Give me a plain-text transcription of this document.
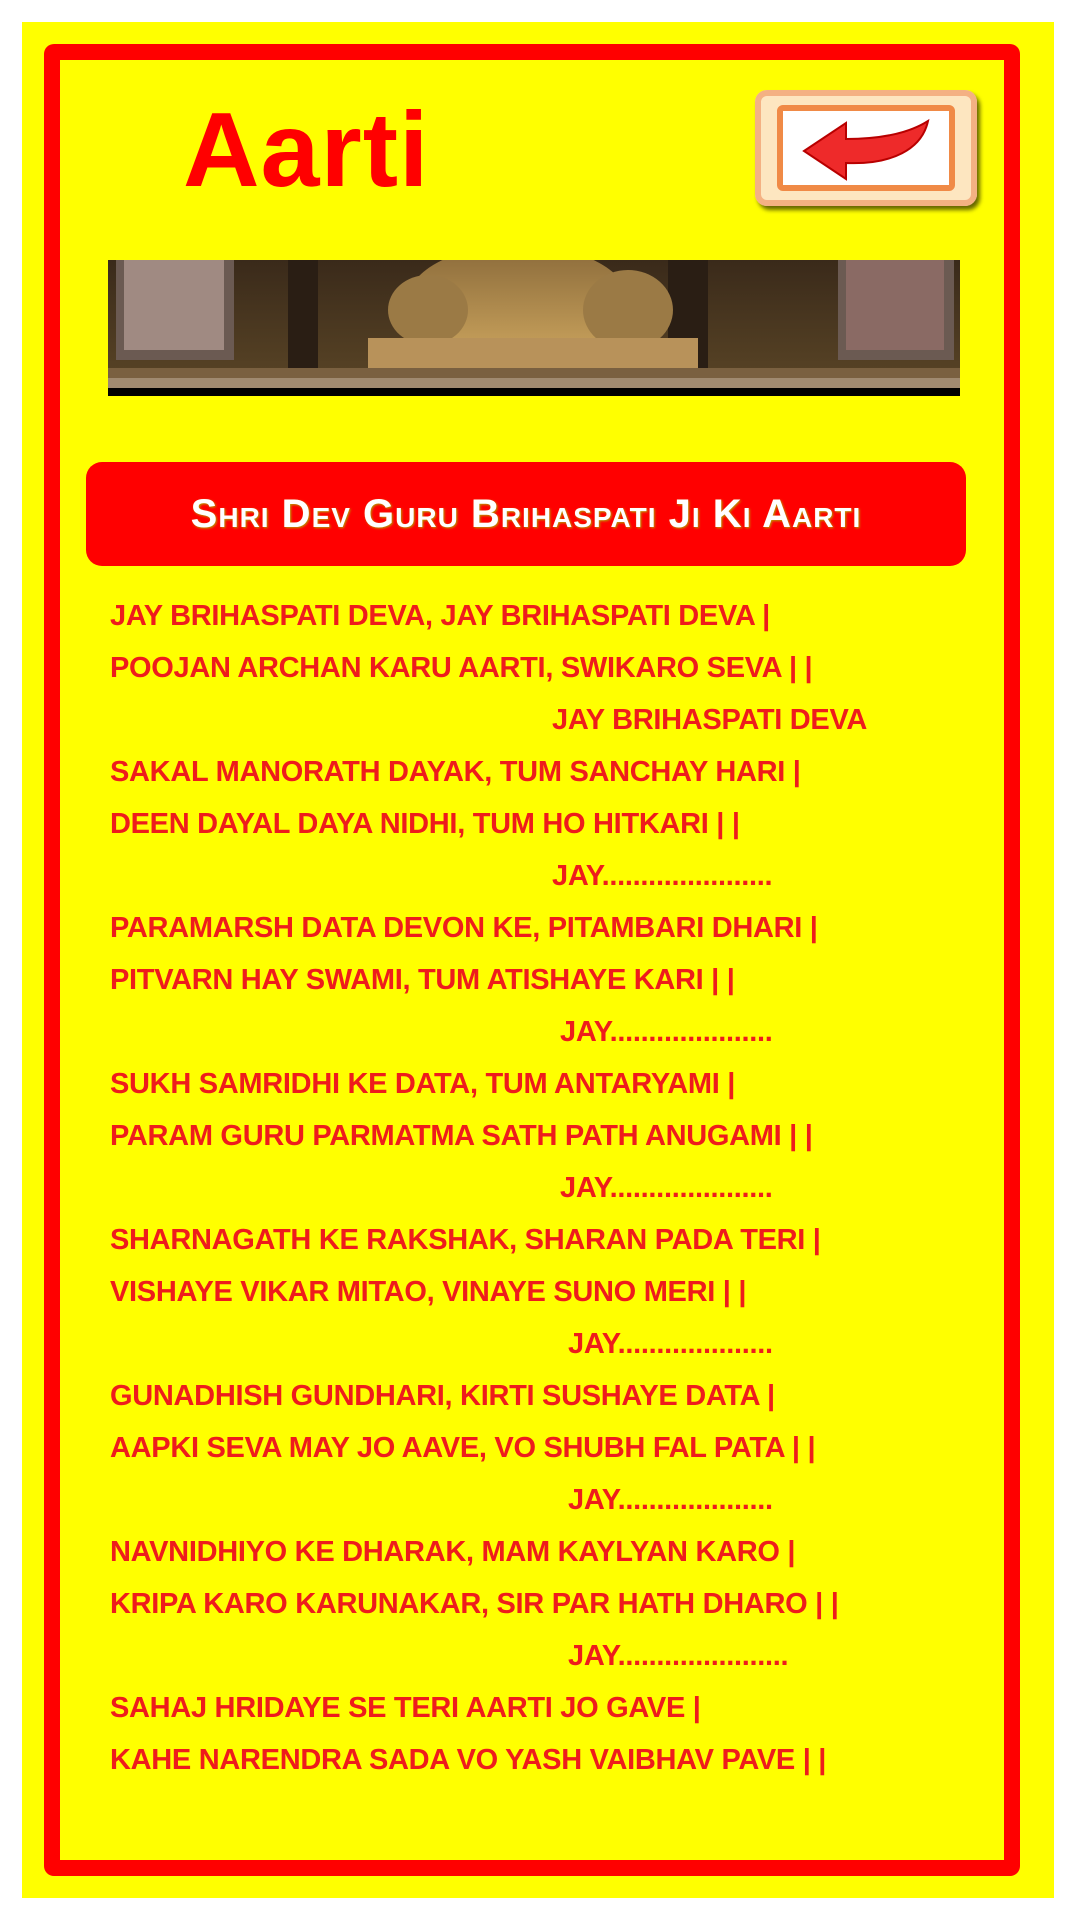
Aarti
Shri Dev Guru Brihaspati Ji Ki Aarti
JAY BRIHASPATI DEVA, JAY BRIHASPATI DEVA |
POOJAN ARCHAN KARU AARTI, SWIKARO SEVA | |
JAY BRIHASPATI DEVA
SAKAL MANORATH DAYAK, TUM SANCHAY HARI |
DEEN DAYAL DAYA NIDHI, TUM HO HITKARI | |
JAY......................
PARAMARSH DATA DEVON KE, PITAMBARI DHARI |
PITVARN HAY SWAMI, TUM ATISHAYE KARI | |
JAY.....................
SUKH SAMRIDHI KE DATA, TUM ANTARYAMI |
PARAM GURU PARMATMA SATH PATH ANUGAMI | |
JAY.....................
SHARNAGATH KE RAKSHAK, SHARAN PADA TERI |
VISHAYE VIKAR MITAO, VINAYE SUNO MERI | |
JAY....................
GUNADHISH GUNDHARI, KIRTI SUSHAYE DATA |
AAPKI SEVA MAY JO AAVE, VO SHUBH FAL PATA | |
JAY....................
NAVNIDHIYO KE DHARAK, MAM KAYLYAN KARO |
KRIPA KARO KARUNAKAR, SIR PAR HATH DHARO | |
JAY......................
SAHAJ HRIDAYE SE TERI AARTI JO GAVE |
KAHE NARENDRA SADA VO YASH VAIBHAV PAVE | |
